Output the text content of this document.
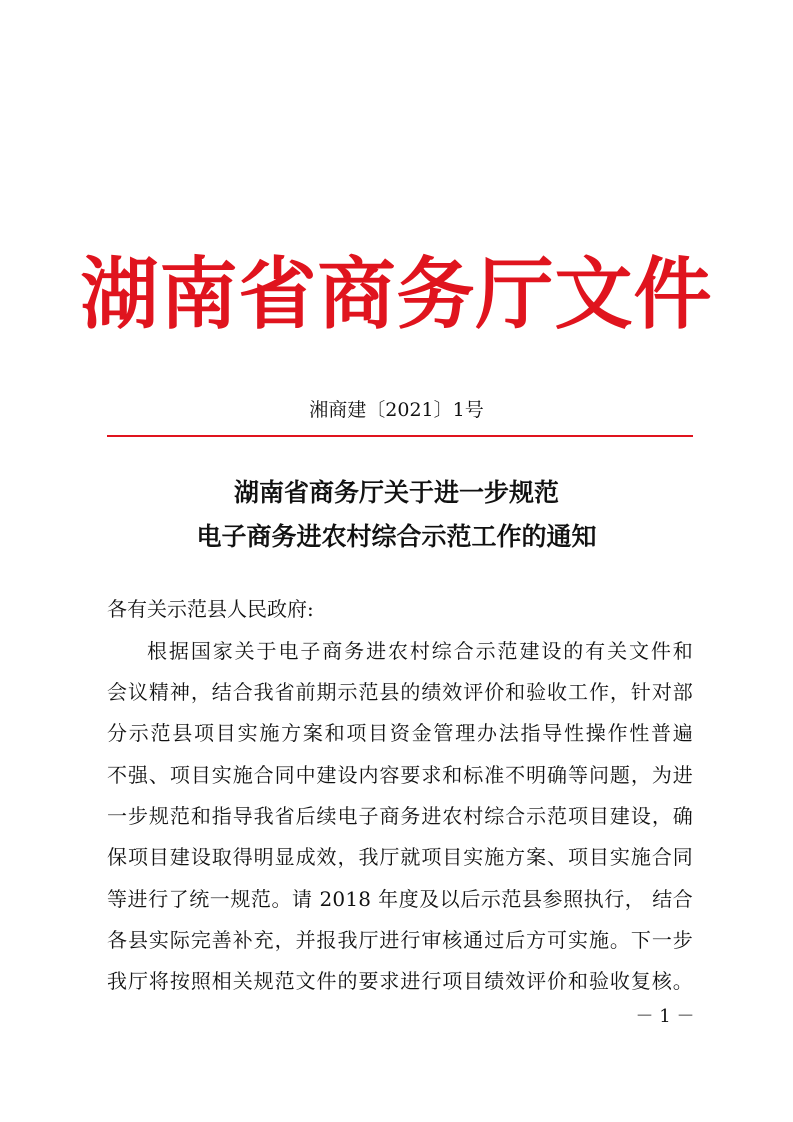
湖南省商务厅文件
湘商建〔2021〕1号
湖南省商务厅关于进一步规范
电子商务进农村综合示范工作的通知
各有关示范县人民政府:
根据国家关于电子商务进农村综合示范建设的有关文件和
会议精神，结合我省前期示范县的绩效评价和验收工作，针对部
分示范县项目实施方案和项目资金管理办法指导性操作性普遍
不强、项目实施合同中建设内容要求和标准不明确等问题，为进
一步规范和指导我省后续电子商务进农村综合示范项目建设，确
保项目建设取得明显成效，我厅就项目实施方案、项目实施合同
等进行了统一规范。请 2018 年度及以后示范县参照执行， 结合
各县实际完善补充，并报我厅进行审核通过后方可实施。下一步
我厅将按照相关规范文件的要求进行项目绩效评价和验收复核。
－ 1 －
